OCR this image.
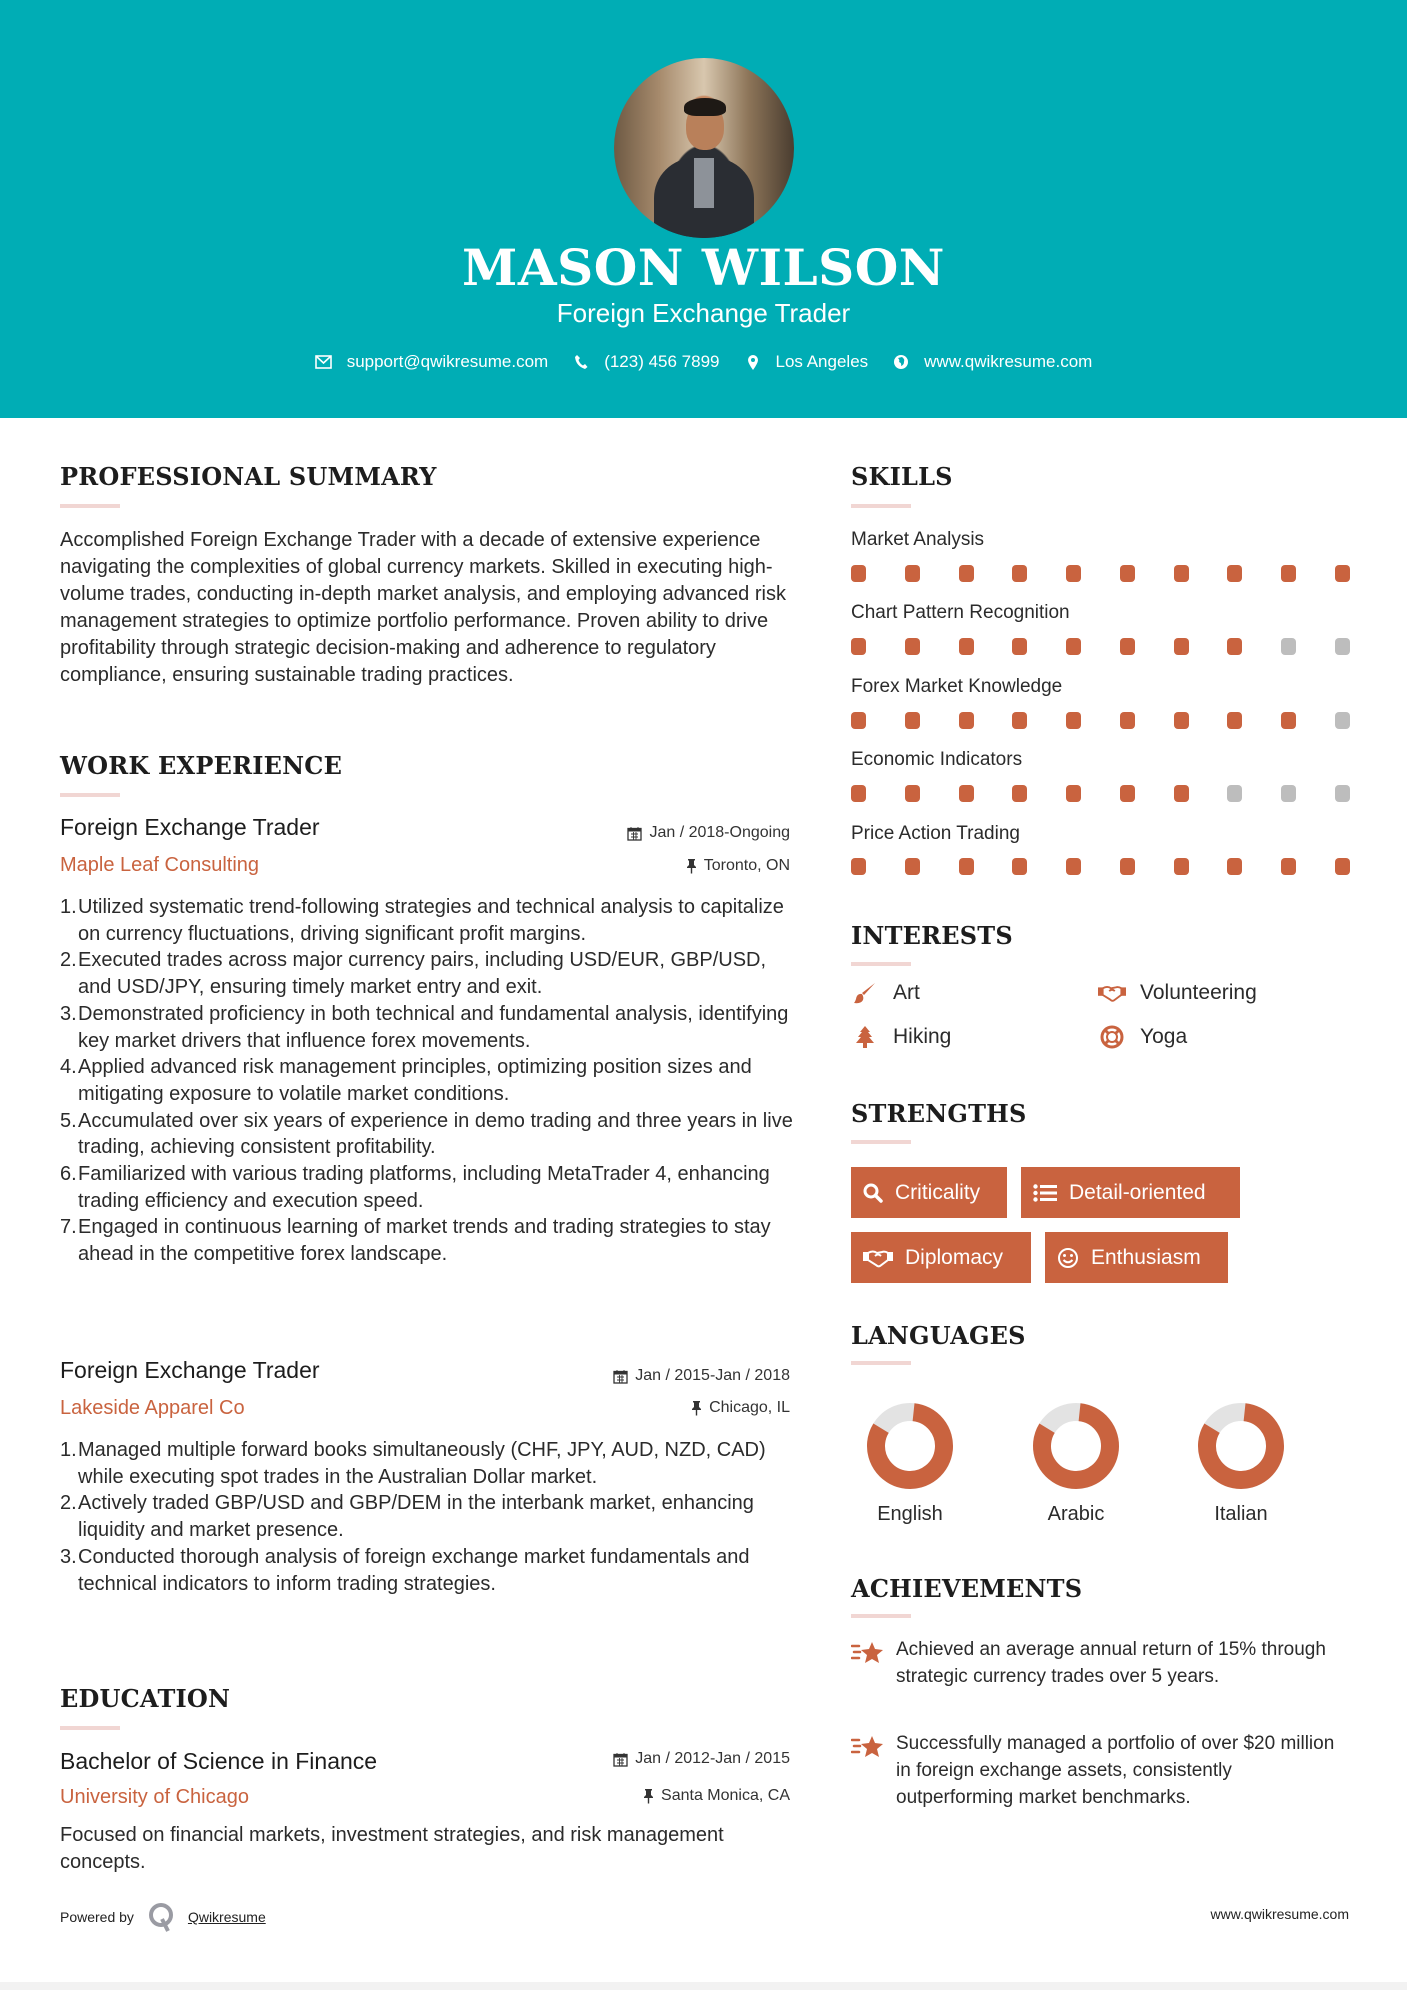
MASON WILSON
Foreign Exchange Trader
support@qwikresume.com	(123) 456 7899	Los Angeles	www.qwikresume.com
PROFESSIONAL SUMMARY
Accomplished Foreign Exchange Trader with a decade of extensive experience navigating the complexities of global currency markets. Skilled in executing high-volume trades, conducting in-depth market analysis, and employing advanced risk management strategies to optimize portfolio performance. Proven ability to drive profitability through strategic decision-making and adherence to regulatory compliance, ensuring sustainable trading practices.
WORK EXPERIENCE
Foreign Exchange Trader	Jan / 2018-Ongoing
Maple Leaf Consulting	Toronto, ON
Utilized systematic trend-following strategies and technical analysis to capitalize on currency fluctuations, driving significant profit margins.
Executed trades across major currency pairs, including USD/EUR, GBP/USD, and USD/JPY, ensuring timely market entry and exit.
Demonstrated proficiency in both technical and fundamental analysis, identifying key market drivers that influence forex movements.
Applied advanced risk management principles, optimizing position sizes and mitigating exposure to volatile market conditions.
Accumulated over six years of experience in demo trading and three years in live trading, achieving consistent profitability.
Familiarized with various trading platforms, including MetaTrader 4, enhancing trading efficiency and execution speed.
Engaged in continuous learning of market trends and trading strategies to stay ahead in the competitive forex landscape.
Foreign Exchange Trader	Jan / 2015-Jan / 2018
Lakeside Apparel Co	Chicago, IL
Managed multiple forward books simultaneously (CHF, JPY, AUD, NZD, CAD) while executing spot trades in the Australian Dollar market.
Actively traded GBP/USD and GBP/DEM in the interbank market, enhancing liquidity and market presence.
Conducted thorough analysis of foreign exchange market fundamentals and technical indicators to inform trading strategies.
EDUCATION
Bachelor of Science in Finance	Jan / 2012-Jan / 2015
University of Chicago	Santa Monica, CA
Focused on financial markets, investment strategies, and risk management concepts.
SKILLS
Market Analysis
Chart Pattern Recognition
Forex Market Knowledge
Economic Indicators
Price Action Trading
INTERESTS
Art	Volunteering
Hiking	Yoga
STRENGTHS
Criticality	Detail-oriented
Diplomacy	Enthusiasm
LANGUAGES
English	Arabic	Italian
ACHIEVEMENTS
Achieved an average annual return of 15% through strategic currency trades over 5 years.
Successfully managed a portfolio of over $20 million in foreign exchange assets, consistently outperforming market benchmarks.
Powered by	Qwikresume	www.qwikresume.com
